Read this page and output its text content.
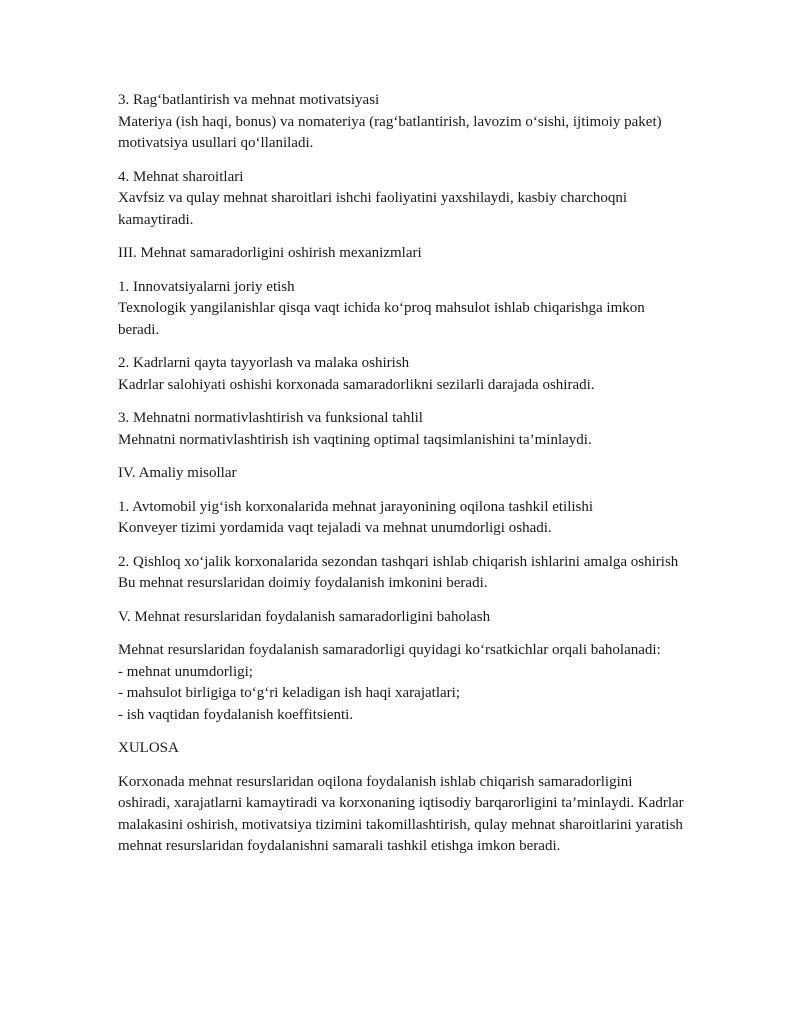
3. Rag‘batlantirish va mehnat motivatsiyasi

Materiya (ish haqi, bonus) va nomateriya (rag‘batlantirish, lavozim o‘sishi, ijtimoiy paket) motivatsiya usullari qo‘llaniladi.

4. Mehnat sharoitlari

Xavfsiz va qulay mehnat sharoitlari ishchi faoliyatini yaxshilaydi, kasbiy charchoqni kamaytiradi.

III. Mehnat samaradorligini oshirish mexanizmlari

1. Innovatsiyalarni joriy etish

Texnologik yangilanishlar qisqa vaqt ichida ko‘proq mahsulot ishlab chiqarishga imkon beradi.

2. Kadrlarni qayta tayyorlash va malaka oshirish

Kadrlar salohiyati oshishi korxonada samaradorlikni sezilarli darajada oshiradi.

3. Mehnatni normativlashtirish va funksional tahlil

Mehnatni normativlashtirish ish vaqtining optimal taqsimlanishini ta’minlaydi.

IV. Amaliy misollar

1. Avtomobil yig‘ish korxonalarida mehnat jarayonining oqilona tashkil etilishi

Konveyer tizimi yordamida vaqt tejaladi va mehnat unumdorligi oshadi.

2. Qishloq xo‘jalik korxonalarida sezondan tashqari ishlab chiqarish ishlarini amalga oshirish

Bu mehnat resurslaridan doimiy foydalanish imkonini beradi.

V. Mehnat resurslaridan foydalanish samaradorligini baholash

Mehnat resurslaridan foydalanish samaradorligi quyidagi ko‘rsatkichlar orqali baholanadi:

- mehnat unumdorligi;

- mahsulot birligiga to‘g‘ri keladigan ish haqi xarajatlari;

- ish vaqtidan foydalanish koeffitsienti.

XULOSA

Korxonada mehnat resurslaridan oqilona foydalanish ishlab chiqarish samaradorligini oshiradi, xarajatlarni kamaytiradi va korxonaning iqtisodiy barqarorligini ta’minlaydi. Kadrlar malakasini oshirish, motivatsiya tizimini takomillashtirish, qulay mehnat sharoitlarini yaratish mehnat resurslaridan foydalanishni samarali tashkil etishga imkon beradi.
